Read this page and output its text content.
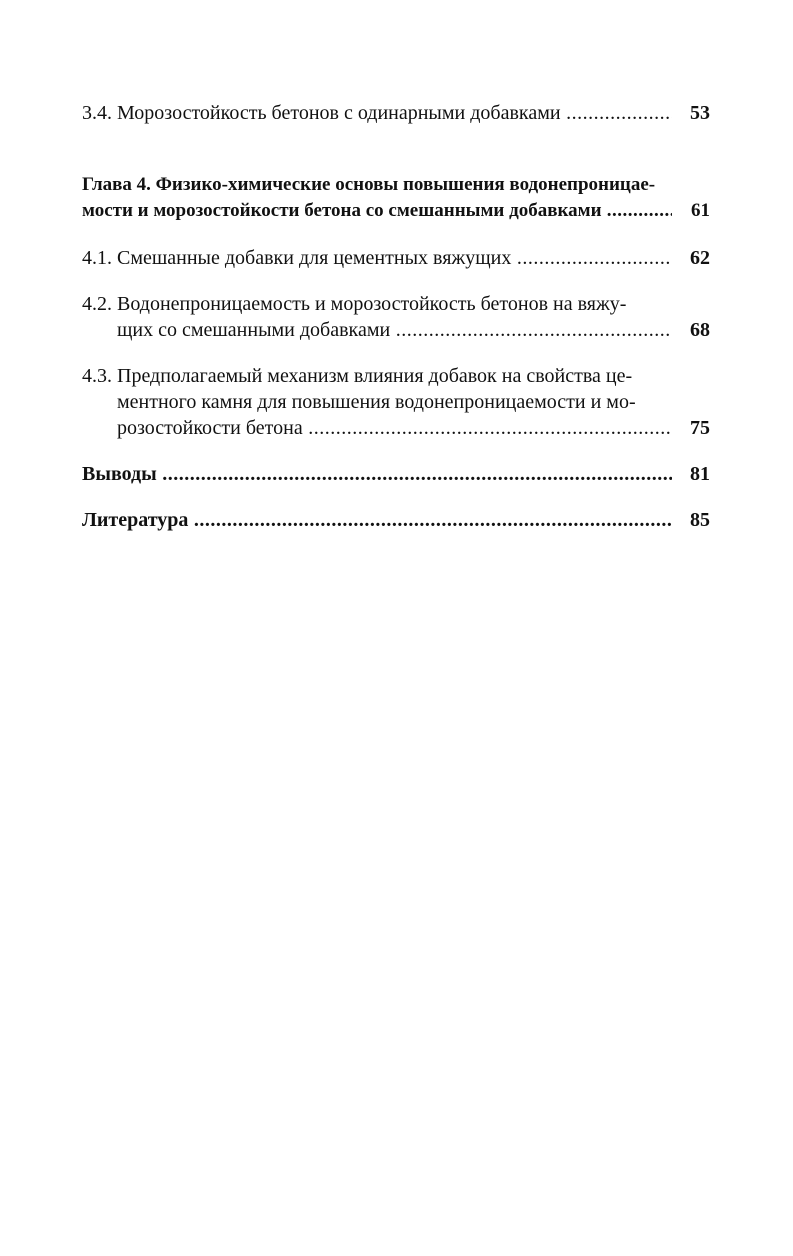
3.4. Морозостойкость бетонов с одинарными добавками .....	53
Глава 4. Физико-химические основы повышения водонепроницае-
мости и морозостойкости бетона со смешанными добавками .....	61
4.1. Смешанные добавки для цементных вяжущих .....	62
4.2. Водонепроницаемость и морозостойкость бетонов на вяжу-
щих со смешанными добавками .....	68
4.3. Предполагаемый механизм влияния добавок на свойства це-
ментного камня для повышения водонепроницаемости и мо-
розостойкости бетона .....	75
Выводы .....	81
Литература .....	85
